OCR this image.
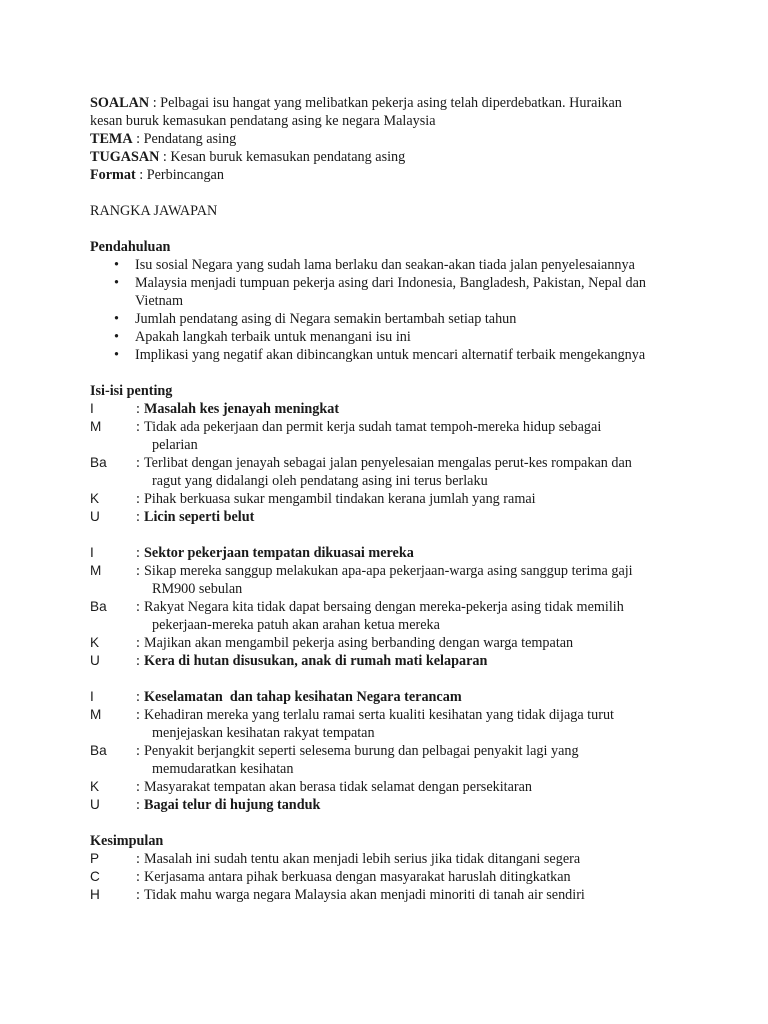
SOALAN : Pelbagai isu hangat yang melibatkan pekerja asing telah diperdebatkan. Huraikan
kesan buruk kemasukan pendatang asing ke negara Malaysia
TEMA : Pendatang asing
TUGASAN : Kesan buruk kemasukan pendatang asing
Format : Perbincangan
RANGKA JAWAPAN
Pendahuluan
• Isu sosial Negara yang sudah lama berlaku dan seakan-akan tiada jalan penyelesaiannya
• Malaysia menjadi tumpuan pekerja asing dari Indonesia, Bangladesh, Pakistan, Nepal dan Vietnam
• Jumlah pendatang asing di Negara semakin bertambah setiap tahun
• Apakah langkah terbaik untuk menangani isu ini
• Implikasi yang negatif akan dibincangkan untuk mencari alternatif terbaik mengekangnya
Isi-isi penting
I	: Masalah kes jenayah meningkat
M	: Tidak ada pekerjaan dan permit kerja sudah tamat tempoh-mereka hidup sebagai
pelarian
Ba	: Terlibat dengan jenayah sebagai jalan penyelesaian mengalas perut-kes rompakan dan
ragut yang didalangi oleh pendatang asing ini terus berlaku
K	: Pihak berkuasa sukar mengambil tindakan kerana jumlah yang ramai
U	: Licin seperti belut
I	: Sektor pekerjaan tempatan dikuasai mereka
M	: Sikap mereka sanggup melakukan apa-apa pekerjaan-warga asing sanggup terima gaji
RM900 sebulan
Ba	: Rakyat Negara kita tidak dapat bersaing dengan mereka-pekerja asing tidak memilih
pekerjaan-mereka patuh akan arahan ketua mereka
K	: Majikan akan mengambil pekerja asing berbanding dengan warga tempatan
U	: Kera di hutan disusukan, anak di rumah mati kelaparan
I	: Keselamatan  dan tahap kesihatan Negara terancam
M	: Kehadiran mereka yang terlalu ramai serta kualiti kesihatan yang tidak dijaga turut
menjejaskan kesihatan rakyat tempatan
Ba	: Penyakit berjangkit seperti selesema burung dan pelbagai penyakit lagi yang
memudaratkan kesihatan
K	: Masyarakat tempatan akan berasa tidak selamat dengan persekitaran
U	: Bagai telur di hujung tanduk
Kesimpulan
P	: Masalah ini sudah tentu akan menjadi lebih serius jika tidak ditangani segera
C	: Kerjasama antara pihak berkuasa dengan masyarakat haruslah ditingkatkan
H	: Tidak mahu warga negara Malaysia akan menjadi minoriti di tanah air sendiri
